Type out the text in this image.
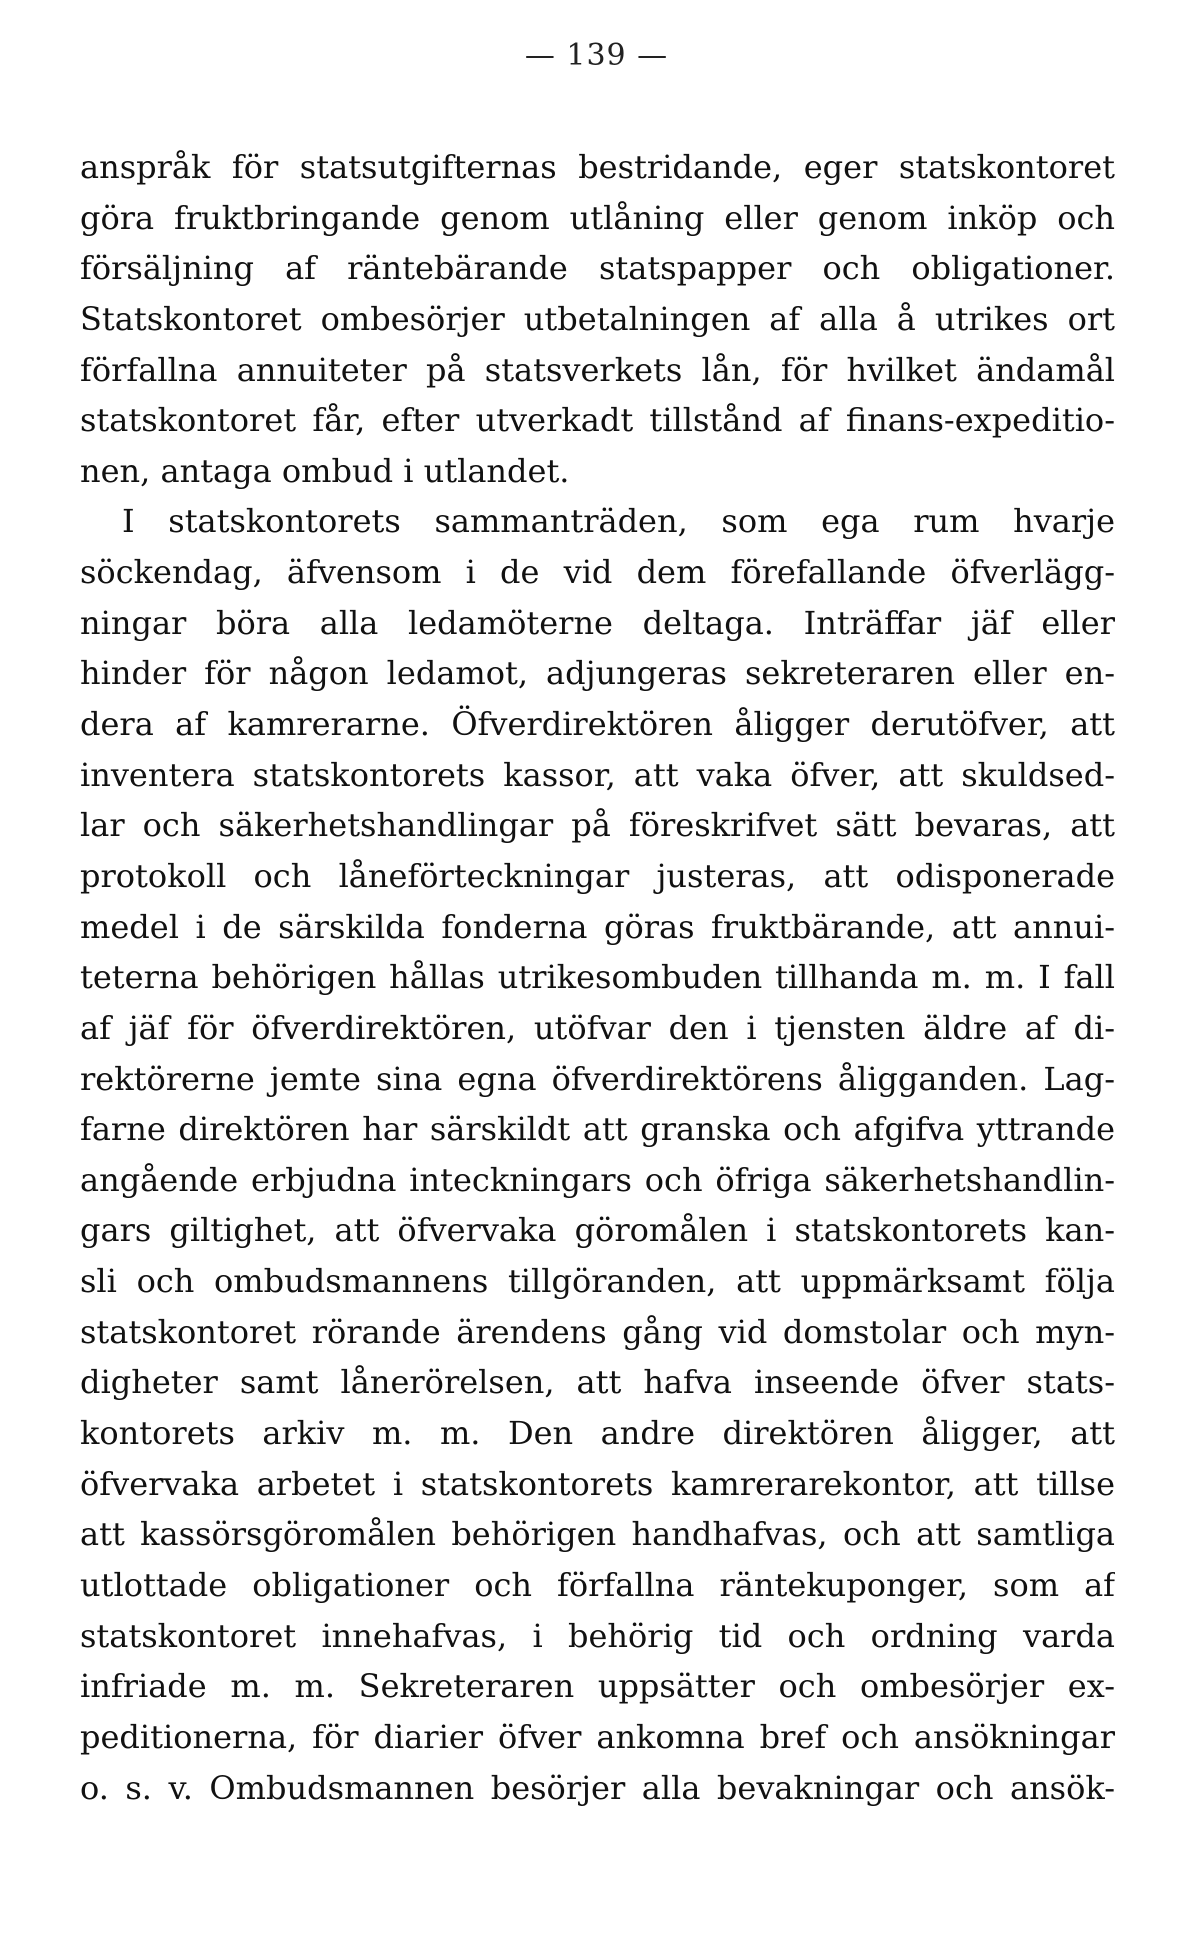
— 139 —
anspråk för statsutgifternas bestridande, eger statskontoret
göra fruktbringande genom utlåning eller genom inköp och
försäljning af räntebärande statspapper och obligationer.
Statskontoret ombesörjer utbetalningen af alla å utrikes ort
förfallna annuiteter på statsverkets lån, för hvilket ändamål
statskontoret får, efter utverkadt tillstånd af finans-expeditio-
nen, antaga ombud i utlandet.
I statskontorets sammanträden, som ega rum hvarje
söckendag, äfvensom i de vid dem förefallande öfverlägg-
ningar böra alla ledamöterne deltaga. Inträffar jäf eller
hinder för någon ledamot, adjungeras sekreteraren eller en-
dera af kamrerarne. Öfverdirektören åligger derutöfver, att
inventera statskontorets kassor, att vaka öfver, att skuldsed-
lar och säkerhetshandlingar på föreskrifvet sätt bevaras, att
protokoll och låneförteckningar justeras, att odisponerade
medel i de särskilda fonderna göras fruktbärande, att annui-
teterna behörigen hållas utrikesombuden tillhanda m. m. I fall
af jäf för öfverdirektören, utöfvar den i tjensten äldre af di-
rektörerne jemte sina egna öfverdirektörens åligganden. Lag-
farne direktören har särskildt att granska och afgifva yttrande
angående erbjudna inteckningars och öfriga säkerhetshandlin-
gars giltighet, att öfvervaka göromålen i statskontorets kan-
sli och ombudsmannens tillgöranden, att uppmärksamt följa
statskontoret rörande ärendens gång vid domstolar och myn-
digheter samt lånerörelsen, att hafva inseende öfver stats-
kontorets arkiv m. m. Den andre direktören åligger, att
öfvervaka arbetet i statskontorets kamrerarekontor, att tillse
att kassörsgöromålen behörigen handhafvas, och att samtliga
utlottade obligationer och förfallna räntekuponger, som af
statskontoret innehafvas, i behörig tid och ordning varda
infriade m. m. Sekreteraren uppsätter och ombesörjer ex-
peditionerna, för diarier öfver ankomna bref och ansökningar
o. s. v. Ombudsmannen besörjer alla bevakningar och ansök-
